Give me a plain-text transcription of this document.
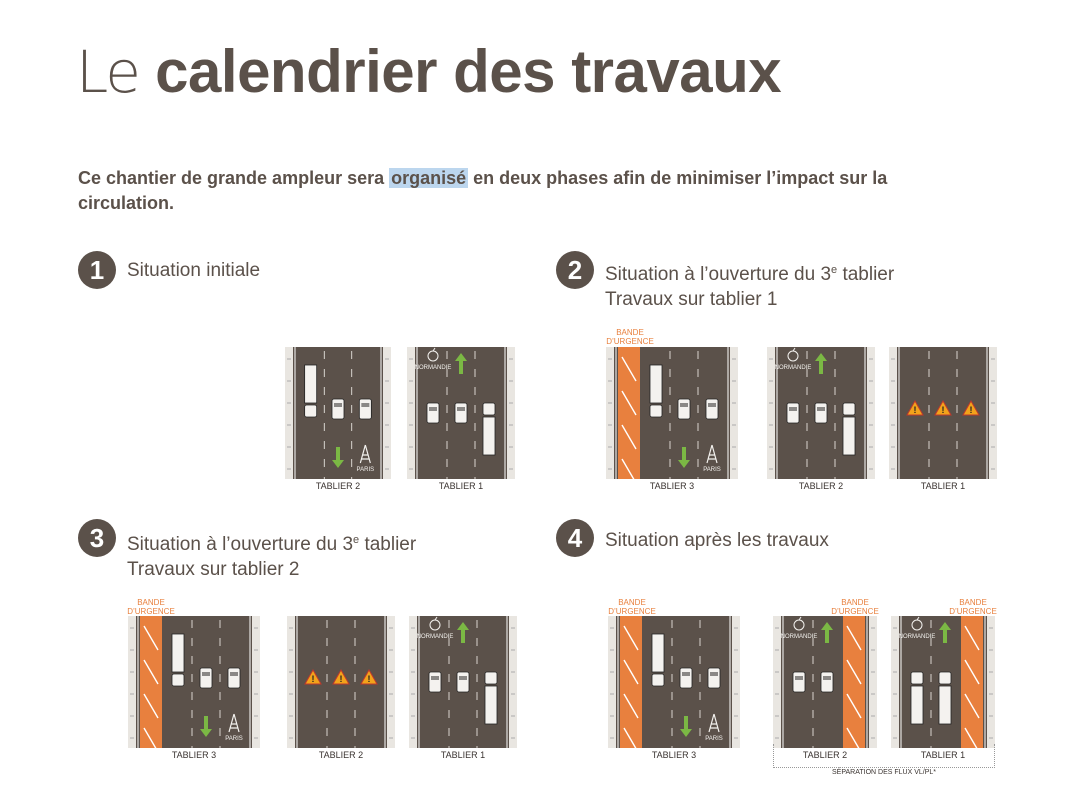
Le calendrier des travaux
Ce chantier de grande ampleur sera organisé en deux phases afin de minimiser l’impact sur la circulation.
1	Situation initiale	2	Situation à l’ouverture du 3e tablier
Travaux sur tablier 1
3	Situation à l’ouverture du 3e tablier
Travaux sur tablier 2
4	Situation après les travaux
PARIS
TABLIER 2
NORMANDIE
TABLIER 1
BANDE
D’URGENCE
PARIS
TABLIER 3
NORMANDIE
TABLIER 2
!	!	!
TABLIER 1
BANDE
D’URGENCE
PARIS
TABLIER 3
!	!	!
TABLIER 2
NORMANDIE
TABLIER 1
BANDE
D’URGENCE
PARIS
TABLIER 3
BANDE
D’URGENCE
NORMANDIE
TABLIER 2
BANDE
D’URGENCE
NORMANDIE
TABLIER 1
SÉPARATION DES FLUX VL/PL*
